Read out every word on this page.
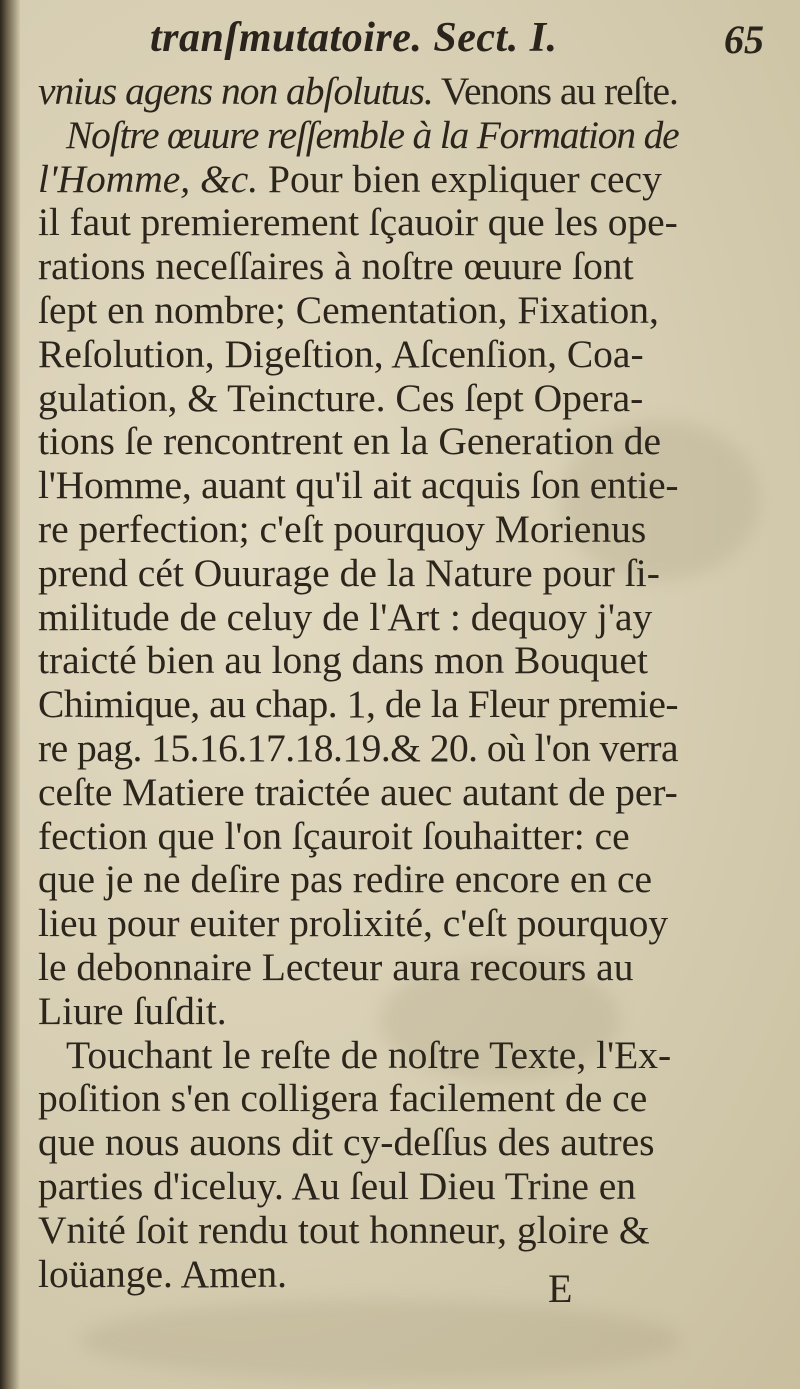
tranſmutatoire. Sect. I.	65
vnius agens non abſolutus. Venons au reſte.
Noſtre œuure reſſemble à la Formation de
l'Homme, &c. Pour bien expliquer cecy
il faut premierement ſçauoir que les ope-
rations neceſſaires à noſtre œuure ſont
ſept en nombre; Cementation, Fixation,
Reſolution, Digeſtion, Aſcenſion, Coa-
gulation, & Teincture. Ces ſept Opera-
tions ſe rencontrent en la Generation de
l'Homme, auant qu'il ait acquis ſon entie-
re perfection; c'eſt pourquoy Morienus
prend cét Ouurage de la Nature pour ſi-
militude de celuy de l'Art : dequoy j'ay
traicté bien au long dans mon Bouquet
Chimique, au chap. 1, de la Fleur premie-
re pag. 15.16.17.18.19.& 20. où l'on verra
ceſte Matiere traictée auec autant de per-
fection que l'on ſçauroit ſouhaitter: ce
que je ne deſire pas redire encore en ce
lieu pour euiter prolixité, c'eſt pourquoy
le debonnaire Lecteur aura recours au
Liure ſuſdit.
Touchant le reſte de noſtre Texte, l'Ex-
poſition s'en colligera facilement de ce
que nous auons dit cy-deſſus des autres
parties d'iceluy. Au ſeul Dieu Trine en
Vnité ſoit rendu tout honneur, gloire &
loüange. Amen.	E
